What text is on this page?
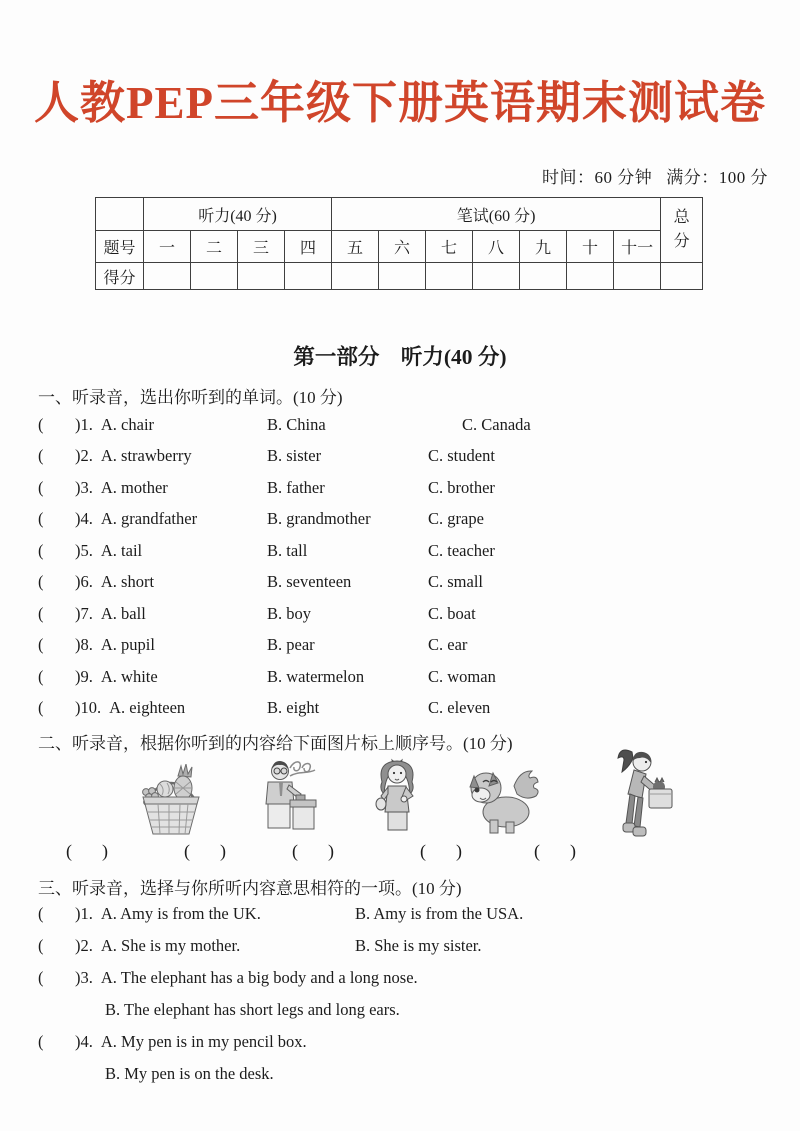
人教PEP三年级下册英语期末测试卷
时间：60 分钟 满分：100 分
	听力(40 分)				笔试(60 分)							总分
题号	一	二	三	四	五	六	七	八	九	十	十一	
得分												
第一部分　听力(40 分)
一、听录音，选出你听到的单词。(10 分)
(	)1. A. chair	B. China	C. Canada
(	)2. A. strawberry	B. sister	C. student
(	)3. A. mother	B. father	C. brother
(	)4. A. grandfather	B. grandmother	C. grape
(	)5. A. tail	B. tall	C. teacher
(	)6. A. short	B. seventeen	C. small
(	)7. A. ball	B. boy	C. boat
(	)8. A. pupil	B. pear	C. ear
(	)9. A. white	B. watermelon	C. woman
(	)10. A. eighteen	B. eight	C. eleven
二、听录音，根据你听到的内容给下面图片标上顺序号。(10 分)
( )	( )	( )	( )	( )
三、听录音，选择与你所听内容意思相符的一项。(10 分)
(	)1. A. Amy is from the UK.	B. Amy is from the USA.
(	)2. A. She is my mother.	B. She is my sister.
(	)3. A. The elephant has a big body and a long nose.
B. The elephant has short legs and long ears.
(	)4. A. My pen is in my pencil box.
B. My pen is on the desk.
